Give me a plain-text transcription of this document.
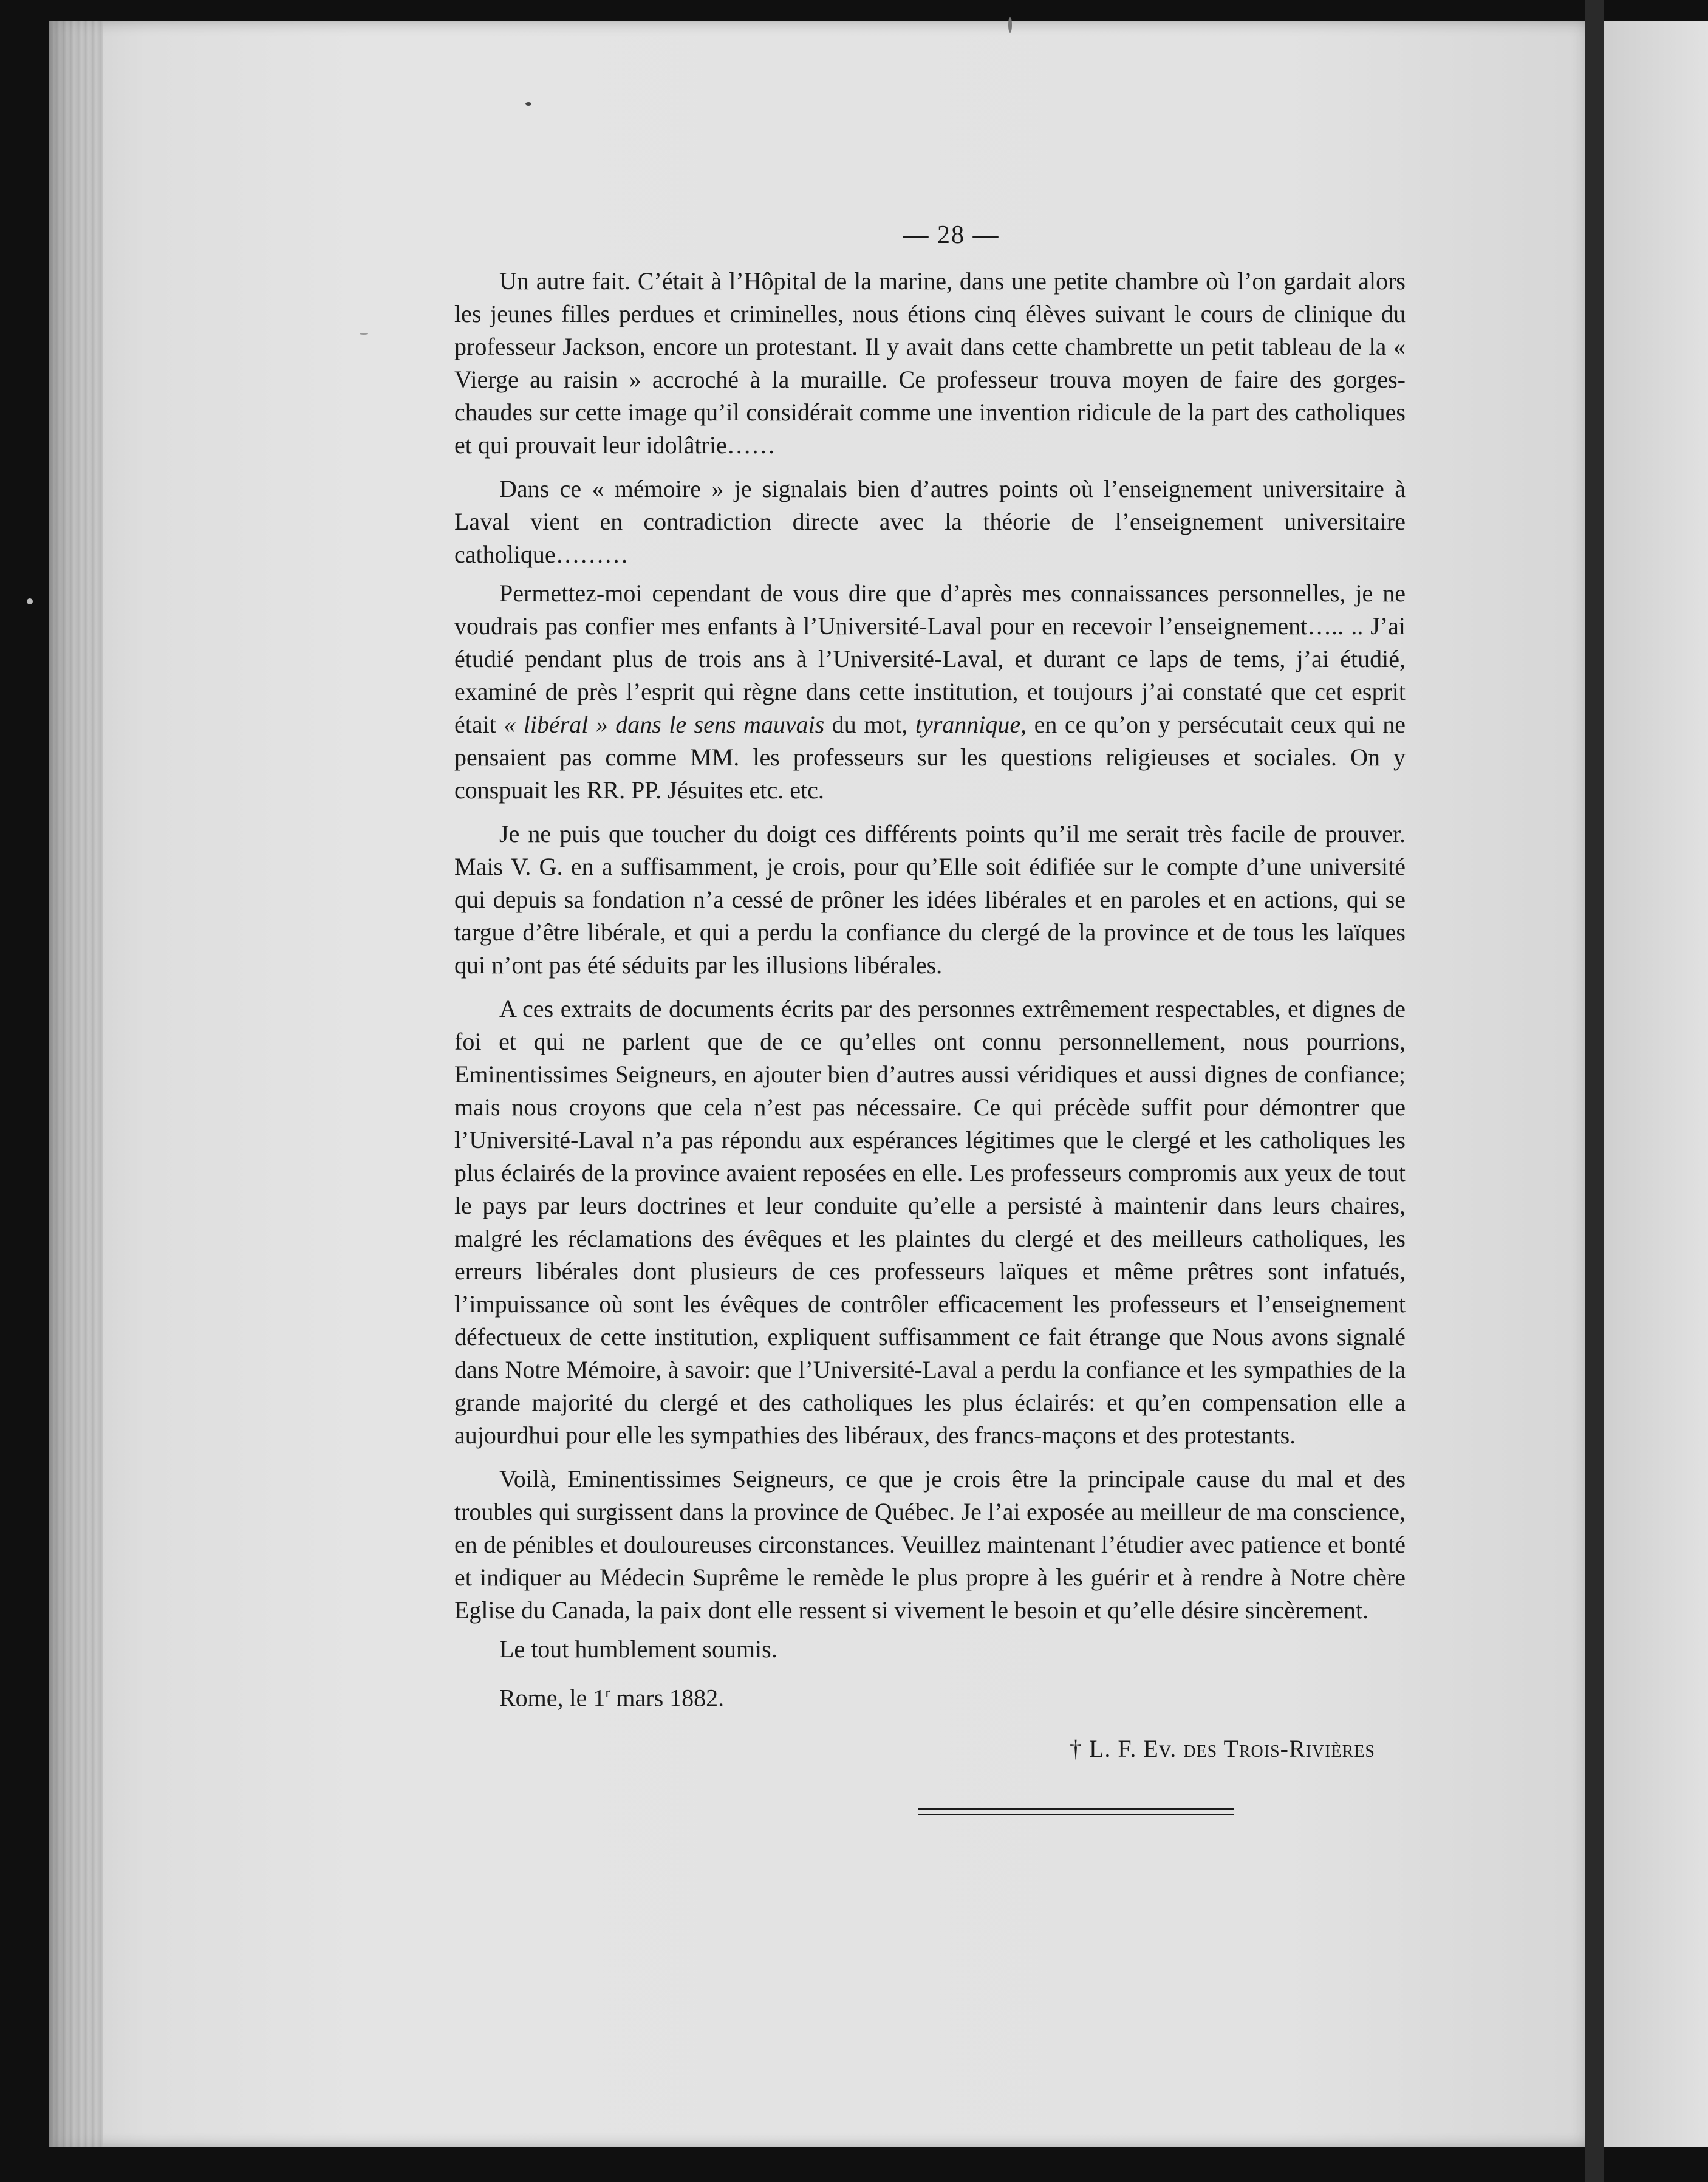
— 28 —

Un autre fait. C’était à l’Hôpital de la marine, dans une petite chambre où l’on gardait alors les jeunes filles perdues et criminelles, nous étions cinq élèves suivant le cours de clinique du professeur Jackson, encore un protestant. Il y avait dans cette chambrette un petit tableau de la « Vierge au raisin » accroché à la muraille. Ce professeur trouva moyen de faire des gorges-chaudes sur cette image qu’il considérait comme une invention ridicule de la part des catholiques et qui prouvait leur idolâtrie……

Dans ce « mémoire » je signalais bien d’autres points où l’enseignement universitaire à Laval vient en contradiction directe avec la théorie de l’enseignement universitaire catholique………

Permettez-moi cependant de vous dire que d’après mes connaissances personnelles, je ne voudrais pas confier mes enfants à l’Université-Laval pour en recevoir l’enseignement….. .. J’ai étudié pendant plus de trois ans à l’Université-Laval, et durant ce laps de tems, j’ai étudié, examiné de près l’esprit qui règne dans cette institution, et toujours j’ai constaté que cet esprit était « libéral » dans le sens mauvais du mot, tyrannique, en ce qu’on y persécutait ceux qui ne pensaient pas comme MM. les professeurs sur les questions religieuses et sociales. On y conspuait les RR. PP. Jésuites etc. etc.

Je ne puis que toucher du doigt ces différents points qu’il me serait très facile de prouver. Mais V. G. en a suffisamment, je crois, pour qu’Elle soit édifiée sur le compte d’une université qui depuis sa fondation n’a cessé de prôner les idées libérales et en paroles et en actions, qui se targue d’être libérale, et qui a perdu la confiance du clergé de la province et de tous les laïques qui n’ont pas été séduits par les illusions libérales.

A ces extraits de documents écrits par des personnes extrêmement respectables, et dignes de foi et qui ne parlent que de ce qu’elles ont connu personnellement, nous pourrions, Eminentissimes Seigneurs, en ajouter bien d’autres aussi véridiques et aussi dignes de confiance; mais nous croyons que cela n’est pas nécessaire. Ce qui précède suffit pour démontrer que l’Université-Laval n’a pas répondu aux espérances légitimes que le clergé et les catholiques les plus éclairés de la province avaient reposées en elle. Les professeurs compromis aux yeux de tout le pays par leurs doctrines et leur conduite qu’elle a persisté à maintenir dans leurs chaires, malgré les réclamations des évêques et les plaintes du clergé et des meilleurs catholiques, les erreurs libérales dont plusieurs de ces professeurs laïques et même prêtres sont infatués, l’impuissance où sont les évêques de contrôler efficacement les professeurs et l’enseignement défectueux de cette institution, expliquent suffisamment ce fait étrange que Nous avons signalé dans Notre Mémoire, à savoir: que l’Université-Laval a perdu la confiance et les sympathies de la grande majorité du clergé et des catholiques les plus éclairés: et qu’en compensation elle a aujourdhui pour elle les sympathies des libéraux, des francs-maçons et des protestants.

Voilà, Eminentissimes Seigneurs, ce que je crois être la principale cause du mal et des troubles qui surgissent dans la province de Québec. Je l’ai exposée au meilleur de ma conscience, en de pénibles et douloureuses circonstances. Veuillez maintenant l’étudier avec patience et bonté et indiquer au Médecin Suprême le remède le plus propre à les guérir et à rendre à Notre chère Eglise du Canada, la paix dont elle ressent si vivement le besoin et qu’elle désire sincèrement.

Le tout humblement soumis.

Rome, le 1$^r$ mars 1882.

† L. F. Ev. des Trois-Rivières
